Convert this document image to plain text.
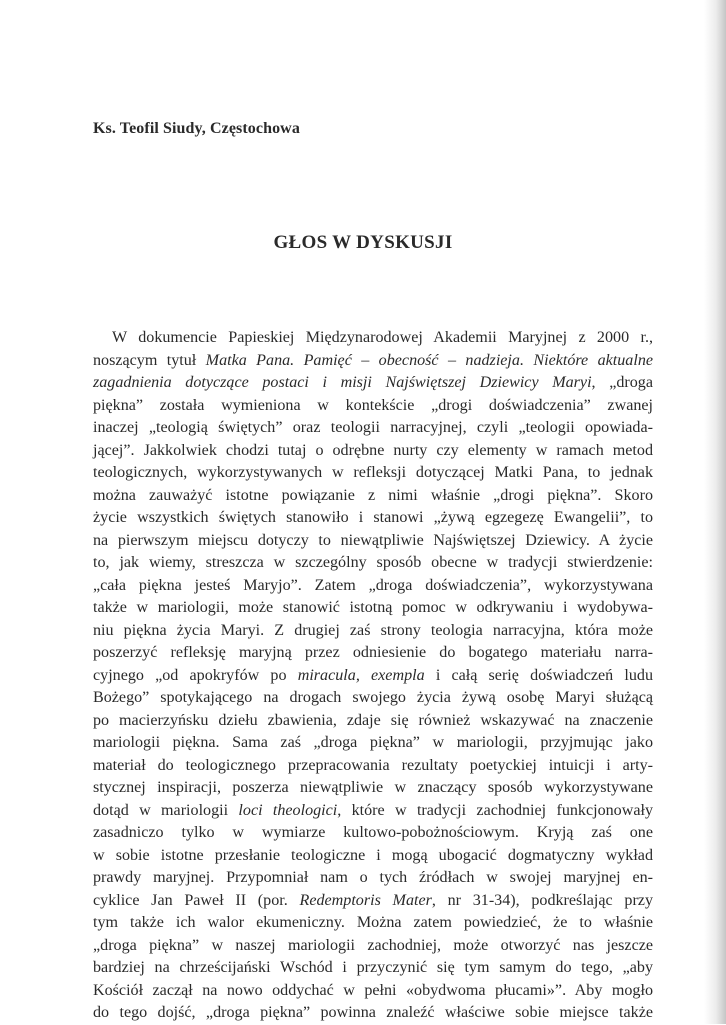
Ks. Teofil Siudy, Częstochowa

GŁOS W DYSKUSJI
W dokumencie Papieskiej Międzynarodowej Akademii Maryjnej z 2000 r.,
noszącym tytuł Matka Pana. Pamięć – obecność – nadzieja. Niektóre aktualne
zagadnienia dotyczące postaci i misji Najświętszej Dziewicy Maryi, „droga
piękna” została wymieniona w kontekście „drogi doświadczenia” zwanej
inaczej „teologią świętych” oraz teologii narracyjnej, czyli „teologii opowiada-
jącej”. Jakkolwiek chodzi tutaj o odrębne nurty czy elementy w ramach metod
teologicznych, wykorzystywanych w refleksji dotyczącej Matki Pana, to jednak
można zauważyć istotne powiązanie z nimi właśnie „drogi piękna”. Skoro
życie wszystkich świętych stanowiło i stanowi „żywą egzegezę Ewangelii”, to
na pierwszym miejscu dotyczy to niewątpliwie Najświętszej Dziewicy. A życie
to, jak wiemy, streszcza w szczególny sposób obecne w tradycji stwierdzenie:
„cała piękna jesteś Maryjo”. Zatem „droga doświadczenia”, wykorzystywana
także w mariologii, może stanowić istotną pomoc w odkrywaniu i wydobywa-
niu piękna życia Maryi. Z drugiej zaś strony teologia narracyjna, która może
poszerzyć refleksję maryjną przez odniesienie do bogatego materiału narra-
cyjnego „od apokryfów po miracula, exempla i całą serię doświadczeń ludu
Bożego” spotykającego na drogach swojego życia żywą osobę Maryi służącą
po macierzyńsku dziełu zbawienia, zdaje się również wskazywać na znaczenie
mariologii piękna. Sama zaś „droga piękna” w mariologii, przyjmując jako
materiał do teologicznego przepracowania rezultaty poetyckiej intuicji i arty-
stycznej inspiracji, poszerza niewątpliwie w znaczący sposób wykorzystywane
dotąd w mariologii loci theologici, które w tradycji zachodniej funkcjonowały
zasadniczo tylko w wymiarze kultowo-pobożnościowym. Kryją zaś one
w sobie istotne przesłanie teologiczne i mogą ubogacić dogmatyczny wykład
prawdy maryjnej. Przypomniał nam o tych źródłach w swojej maryjnej en-
cyklice Jan Paweł II (por. Redemptoris Mater, nr 31-34), podkreślając przy
tym także ich walor ekumeniczny. Można zatem powiedzieć, że to właśnie
„droga piękna” w naszej mariologii zachodniej, może otworzyć nas jeszcze
bardziej na chrześcijański Wschód i przyczynić się tym samym do tego, „aby
Kościół zaczął na nowo oddychać w pełni «obydwoma płucami»”. Aby mogło
do tego dojść, „droga piękna” powinna znaleźć właściwe sobie miejsce także
